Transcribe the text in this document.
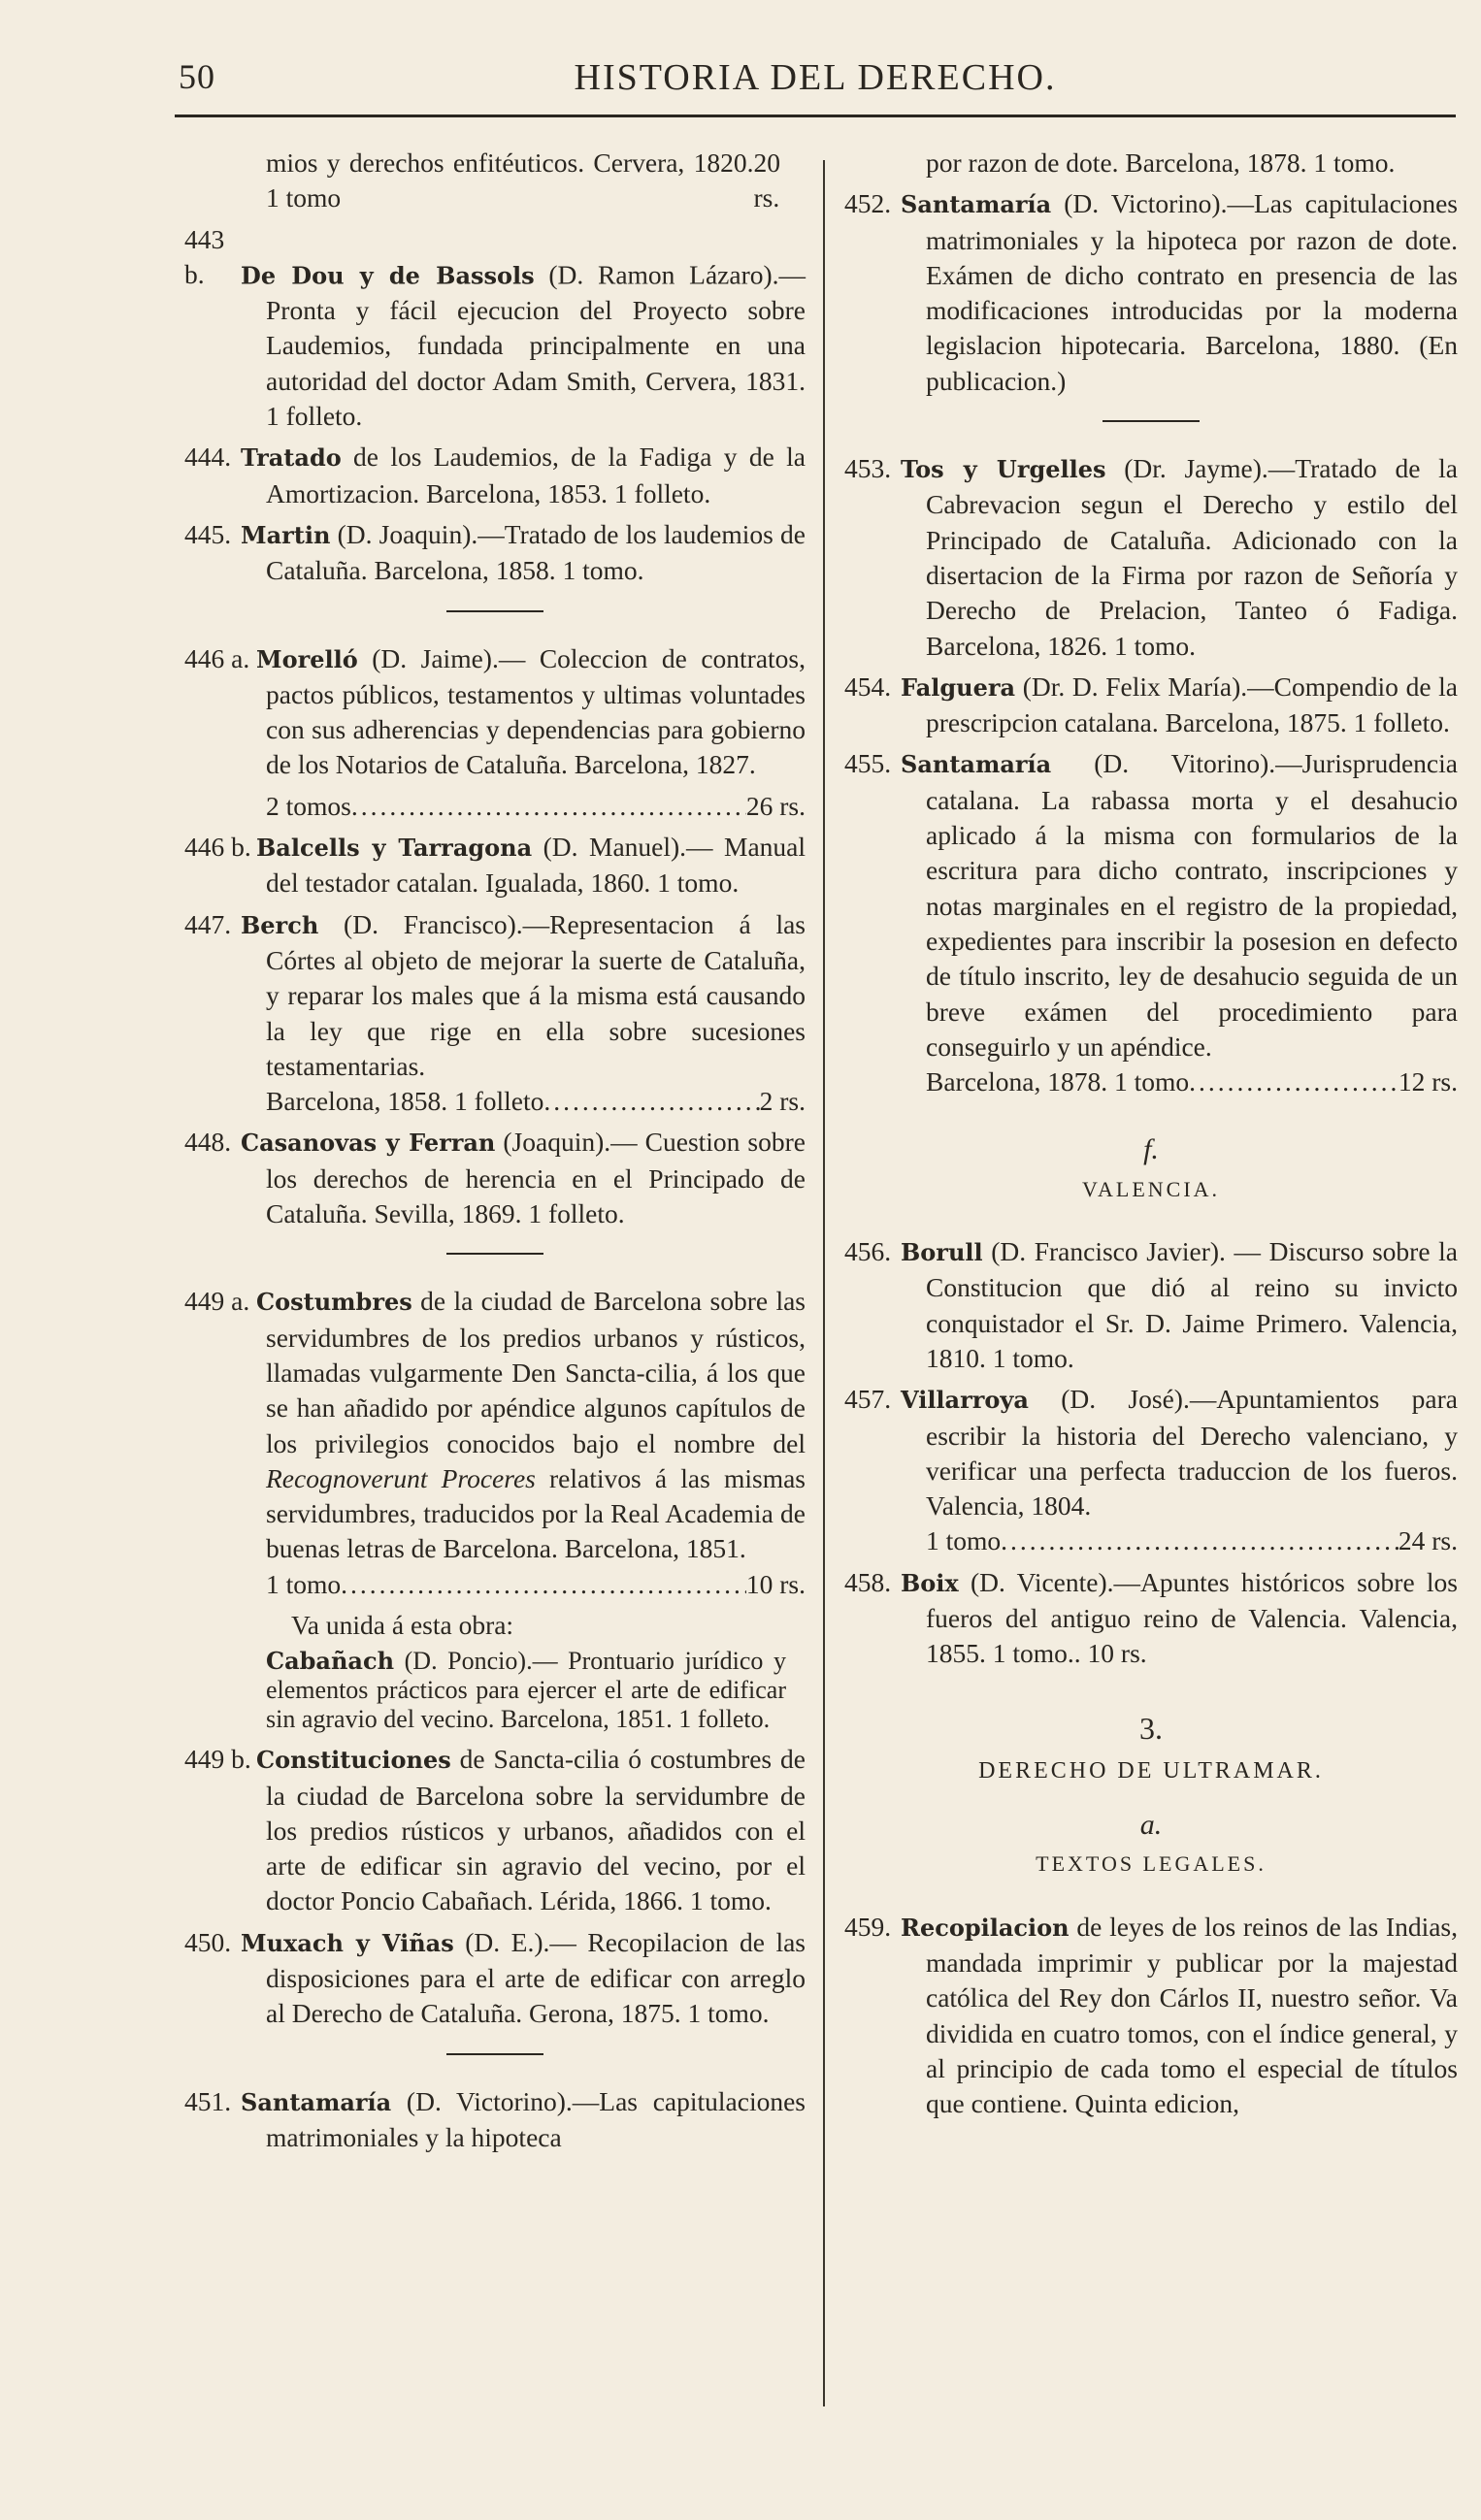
50	HISTORIA DEL DERECHO.
mios y derechos enfitéuticos. Cervera, 1820. 1 tomo
20 rs.

443 b. De Dou y de Bassols (D. Ramon Lázaro).—Pronta y fácil ejecucion del Proyecto sobre Laudemios, fundada principalmente en una autoridad del doctor Adam Smith, Cervera, 1831. 1 folleto.

444. Tratado de los Laudemios, de la Fadiga y de la Amortizacion. Barcelona, 1853. 1 folleto.

445. Martin (D. Joaquin).—Tratado de los laudemios de Cataluña. Barcelona, 1858. 1 tomo.

446 a. Morelló (D. Jaime).— Coleccion de contratos, pactos públicos, testamentos y ultimas voluntades con sus adherencias y dependencias para gobierno de los Notarios de Cataluña. Barcelona, 1827.

2 tomos .....	26 rs.

446 b. Balcells y Tarragona (D. Manuel).— Manual del testador catalan. Igualada, 1860. 1 tomo.

447. Berch (D. Francisco).—Representacion á las Córtes al objeto de mejorar la suerte de Cataluña, y reparar los males que á la misma está causando la ley que rige en ella sobre sucesiones testamentarias.

Barcelona, 1858. 1 folleto .....	2 rs.

448. Casanovas y Ferran (Joaquin).— Cuestion sobre los derechos de herencia en el Principado de Cataluña. Sevilla, 1869. 1 folleto.

449 a. Costumbres de la ciudad de Barcelona sobre las servidumbres de los predios urbanos y rústicos, llamadas vulgarmente Den Sancta-cilia, á los que se han añadido por apéndice algunos capítulos de los privilegios conocidos bajo el nombre del Recognoverunt Proceres relativos á las mismas servidumbres, traducidos por la Real Academia de buenas letras de Barcelona. Barcelona, 1851.

1 tomo .....	10 rs.
Va unida á esta obra:

Cabañach (D. Poncio).— Prontuario jurídico y elementos prácticos para ejercer el arte de edificar sin agravio del vecino. Barcelona, 1851. 1 folleto.

449 b. Constituciones de Sancta-cilia ó costumbres de la ciudad de Barcelona sobre la servidumbre de los predios rústicos y urbanos, añadidos con el arte de edificar sin agravio del vecino, por el doctor Poncio Cabañach. Lérida, 1866. 1 tomo.

450. Muxach y Viñas (D. E.).— Recopilacion de las disposiciones para el arte de edificar con arreglo al Derecho de Cataluña. Gerona, 1875. 1 tomo.

451. Santamaría (D. Victorino).—Las capitulaciones matrimoniales y la hipoteca

por razon de dote. Barcelona, 1878. 1 tomo.

452. Santamaría (D. Victorino).—Las capitulaciones matrimoniales y la hipoteca por razon de dote. Exámen de dicho contrato en presencia de las modificaciones introducidas por la moderna legislacion hipotecaria. Barcelona, 1880. (En publicacion.)

453. Tos y Urgelles (Dr. Jayme).—Tratado de la Cabrevacion segun el Derecho y estilo del Principado de Cataluña. Adicionado con la disertacion de la Firma por razon de Señoría y Derecho de Prelacion, Tanteo ó Fadiga. Barcelona, 1826. 1 tomo.

454. Falguera (Dr. D. Felix María).—Compendio de la prescripcion catalana. Barcelona, 1875. 1 folleto.

455. Santamaría (D. Vitorino).—Jurisprudencia catalana. La rabassa morta y el desahucio aplicado á la misma con formularios de la escritura para dicho contrato, inscripciones y notas marginales en el registro de la propiedad, expedientes para inscribir la posesion en defecto de título inscrito, ley de desahucio seguida de un breve exámen del procedimiento para conseguirlo y un apéndice.

Barcelona, 1878. 1 tomo .....	12 rs.
f.
VALENCIA.

456. Borull (D. Francisco Javier). — Discurso sobre la Constitucion que dió al reino su invicto conquistador el Sr. D. Jaime Primero. Valencia, 1810. 1 tomo.

457. Villarroya (D. José).—Apuntamientos para escribir la historia del Derecho valenciano, y verificar una perfecta traduccion de los fueros. Valencia, 1804.

1 tomo .....	24 rs.

458. Boix (D. Vicente).—Apuntes históricos sobre los fueros del antiguo reino de Valencia. Valencia, 1855. 1 tomo.. 10 rs.

3.
DERECHO DE ULTRAMAR.
a.
TEXTOS LEGALES.

459. Recopilacion de leyes de los reinos de las Indias, mandada imprimir y publicar por la majestad católica del Rey don Cárlos II, nuestro señor. Va dividida en cuatro tomos, con el índice general, y al principio de cada tomo el especial de títulos que contiene. Quinta edicion,
